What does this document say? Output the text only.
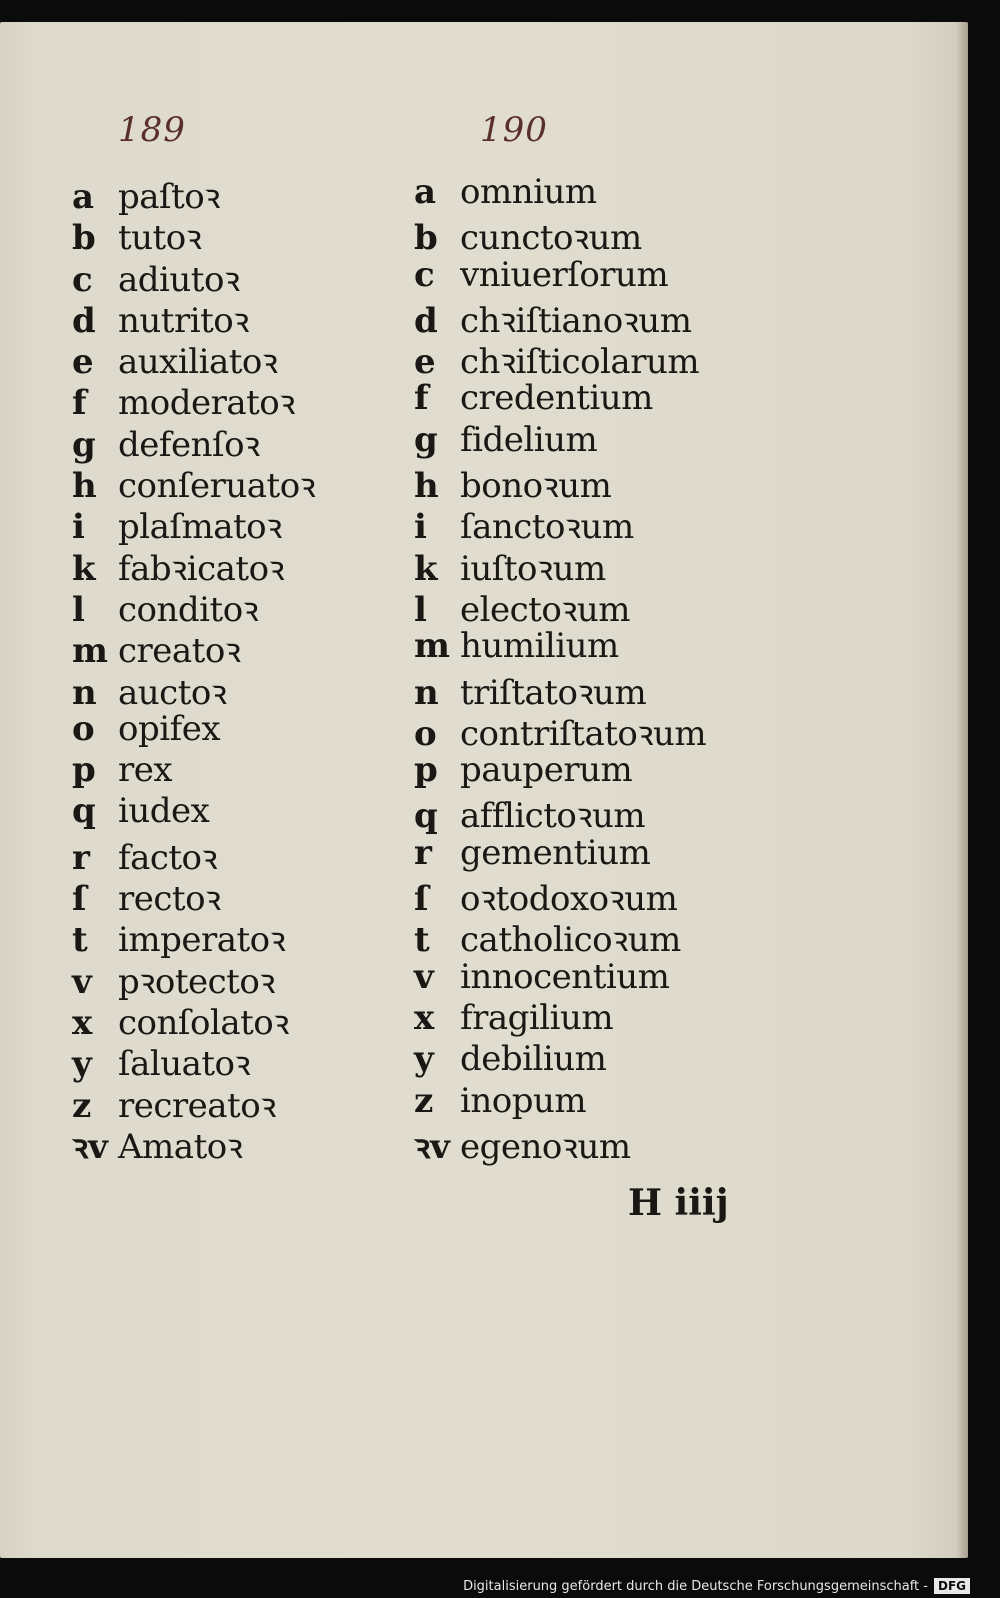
189	190
a paſtoꝛ
b tutoꝛ
c adiutoꝛ
d nutritoꝛ
e auxiliatoꝛ
f moderatoꝛ
g defenſoꝛ
h conſeruatoꝛ
i plaſmatoꝛ
k fabꝛicatoꝛ
l conditoꝛ
m creatoꝛ
n auctoꝛ
o opifex
p rex
q iudex
r factoꝛ
ſ rectoꝛ
t imperatoꝛ
v pꝛotectoꝛ
x conſolatoꝛ
y ſaluatoꝛ
z recreatoꝛ
ꝛv Amatoꝛ
a omnium
b cunctoꝛum
c vniuerſorum
d chꝛiſtianoꝛum
e chꝛiſticolarum
f credentium
g fidelium
h bonoꝛum
i ſanctoꝛum
k iuſtoꝛum
l electoꝛum
m humilium
n triſtatoꝛum
o contriſtatoꝛum
p pauperum
q afflictoꝛum
r gementium
ſ oꝛtodoxoꝛum
t catholicoꝛum
v innocentium
x fragilium
y debilium
z inopum
ꝛv egenoꝛum
H iiij
Digitalisierung gefördert durch die Deutsche Forschungsgemeinschaft - DFG
